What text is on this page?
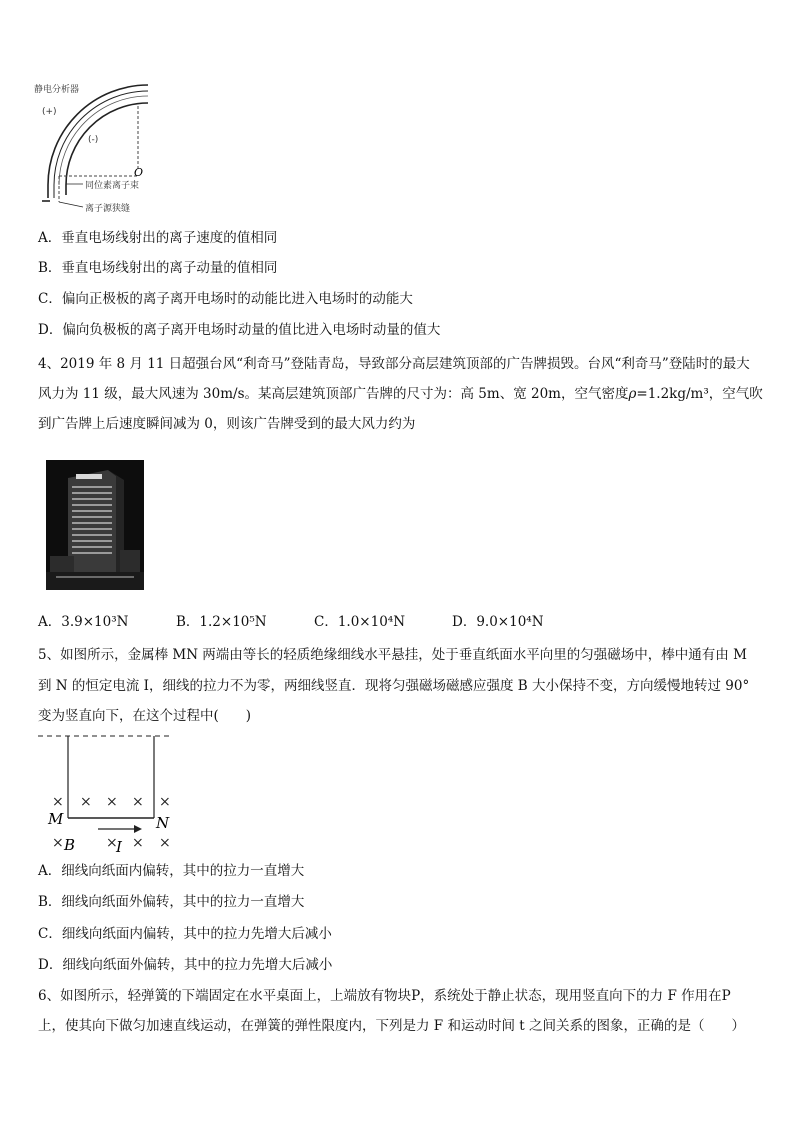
静电分析器
(+)
(-)
O
同位素离子束
离子源狭缝
A．垂直电场线射出的离子速度的值相同
B．垂直电场线射出的离子动量的值相同
C．偏向正极板的离子离开电场时的动能比进入电场时的动能大
D．偏向负极板的离子离开电场时动量的值比进入电场时动量的值大
4、2019 年 8 月 11 日超强台风“利奇马”登陆青岛，导致部分高层建筑顶部的广告牌损毁。台风“利奇马”登陆时的最大
风力为 11 级，最大风速为 30m/s。某高层建筑顶部广告牌的尺寸为：高 5m、宽 20m，空气密度ρ=1.2kg/m³，空气吹
到广告牌上后速度瞬间减为 0，则该广告牌受到的最大风力约为
A．3.9×10³N	B．1.2×10⁵N	C．1.0×10⁴N	D．9.0×10⁴N
5、如图所示，金属棒 MN 两端由等长的轻质绝缘细线水平悬挂，处于垂直纸面水平向里的匀强磁场中，棒中通有由 M
到 N 的恒定电流 I，细线的拉力不为零，两细线竖直．现将匀强磁场磁感应强度 B 大小保持不变，方向缓慢地转过 90°
变为竖直向下，在这个过程中(　　)
× × × × ×
×	× × ×
M	N
B	I
A．细线向纸面内偏转，其中的拉力一直增大
B．细线向纸面外偏转，其中的拉力一直增大
C．细线向纸面内偏转，其中的拉力先增大后减小
D．细线向纸面外偏转，其中的拉力先增大后减小
6、如图所示，轻弹簧的下端固定在水平桌面上，上端放有物块P，系统处于静止状态，现用竖直向下的力 F 作用在P
上，使其向下做匀加速直线运动，在弹簧的弹性限度内，下列是力 F 和运动时间 t 之间关系的图象，正确的是（　　）
